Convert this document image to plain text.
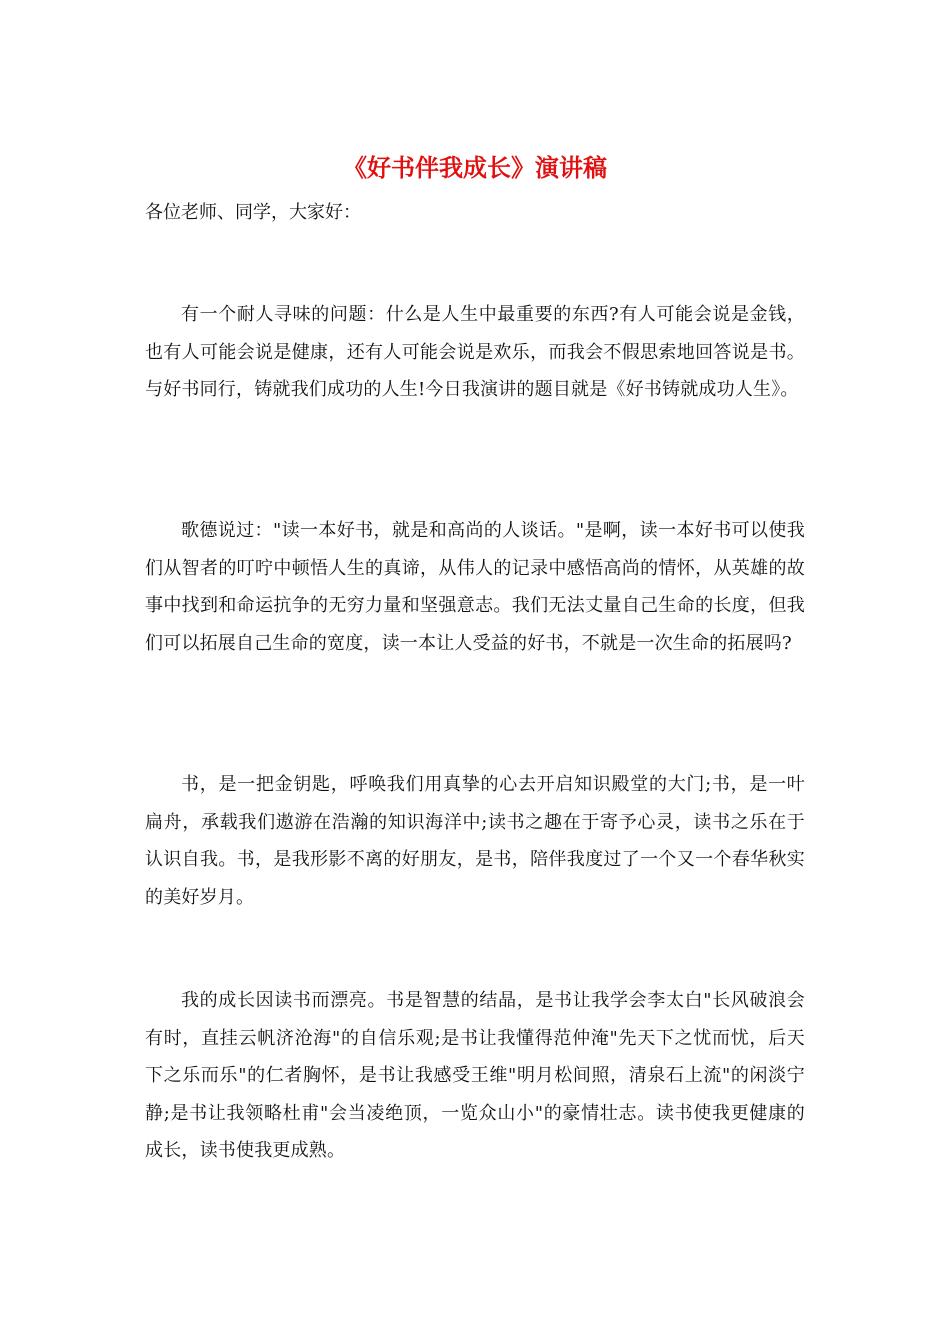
《好书伴我成长》演讲稿

各位老师、同学，大家好：

有一个耐人寻味的问题：什么是人生中最重要的东西?有人可能会说是金钱，也有人可能会说是健康，还有人可能会说是欢乐，而我会不假思索地回答说是书。与好书同行，铸就我们成功的人生!今日我演讲的题目就是《好书铸就成功人生》。

歌德说过："读一本好书，就是和高尚的人谈话。"是啊，读一本好书可以使我们从智者的叮咛中顿悟人生的真谛，从伟人的记录中感悟高尚的情怀，从英雄的故事中找到和命运抗争的无穷力量和坚强意志。我们无法丈量自己生命的长度，但我们可以拓展自己生命的宽度，读一本让人受益的好书，不就是一次生命的拓展吗?

书，是一把金钥匙，呼唤我们用真挚的心去开启知识殿堂的大门;书，是一叶扁舟，承载我们遨游在浩瀚的知识海洋中;读书之趣在于寄予心灵，读书之乐在于认识自我。书，是我形影不离的好朋友，是书，陪伴我度过了一个又一个春华秋实的美好岁月。

我的成长因读书而漂亮。书是智慧的结晶，是书让我学会李太白"长风破浪会有时，直挂云帆济沧海"的自信乐观;是书让我懂得范仲淹"先天下之忧而忧，后天下之乐而乐"的仁者胸怀，是书让我感受王维"明月松间照，清泉石上流"的闲淡宁静;是书让我领略杜甫"会当凌绝顶，一览众山小"的豪情壮志。读书使我更健康的成长，读书使我更成熟。
